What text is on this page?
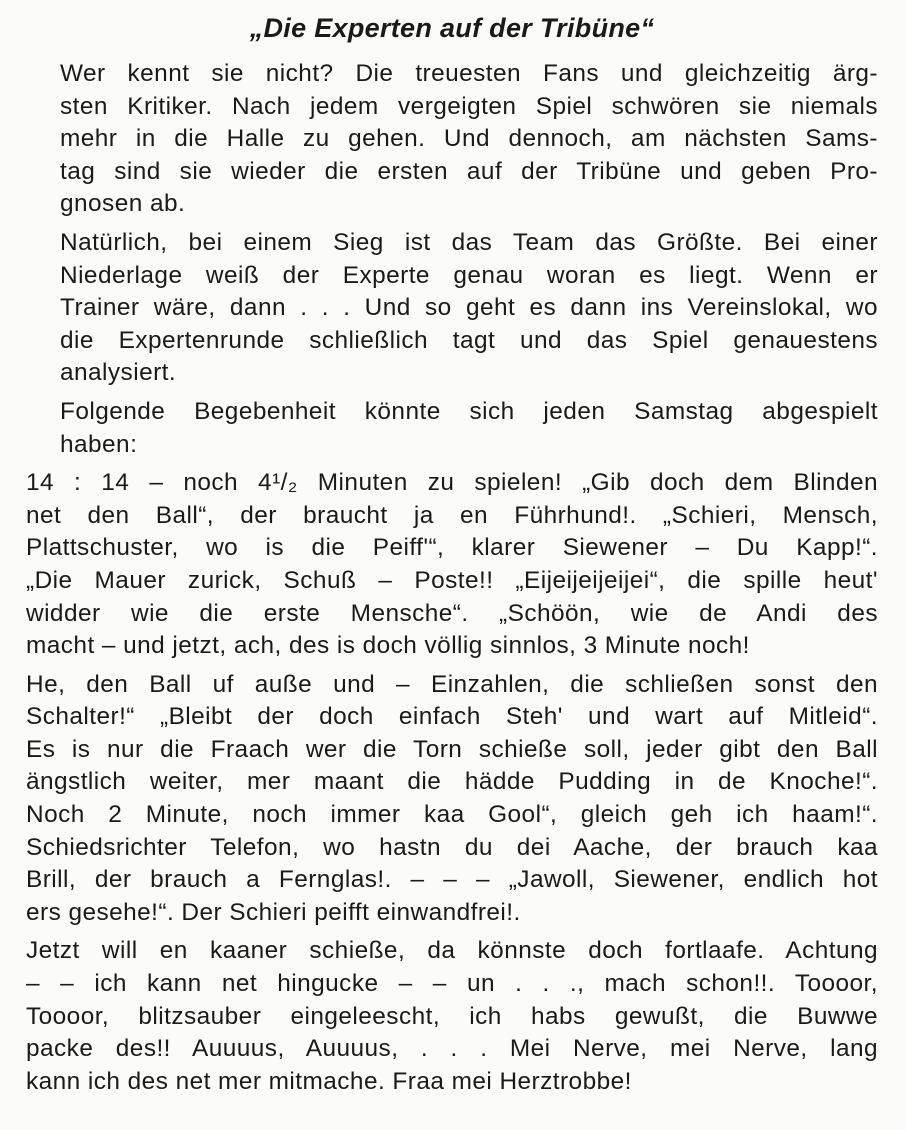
„Die Experten auf der Tribüne“

Wer kennt sie nicht? Die treuesten Fans und gleichzeitig ärg-
sten Kritiker. Nach jedem vergeigten Spiel schwören sie niemals
mehr in die Halle zu gehen. Und dennoch, am nächsten Sams-
tag sind sie wieder die ersten auf der Tribüne und geben Pro-
gnosen ab.

Natürlich, bei einem Sieg ist das Team das Größte. Bei einer
Niederlage weiß der Experte genau woran es liegt. Wenn er
Trainer wäre, dann . . . Und so geht es dann ins Vereinslokal, wo
die Expertenrunde schließlich tagt und das Spiel genauestens
analysiert.

Folgende Begebenheit könnte sich jeden Samstag abgespielt
haben:

14 : 14 – noch 4¹/₂ Minuten zu spielen! „Gib doch dem Blinden
net den Ball“, der braucht ja en Führhund!. „Schieri, Mensch,
Plattschuster, wo is die Peiff'“, klarer Siewener – Du Kapp!“.
„Die Mauer zurick, Schuß – Poste!! „Eijeijeijeijei“, die spille heut'
widder wie die erste Mensche“. „Schöön, wie de Andi des
macht – und jetzt, ach, des is doch völlig sinnlos, 3 Minute noch!

He, den Ball uf auße und – Einzahlen, die schließen sonst den
Schalter!“ „Bleibt der doch einfach Steh' und wart auf Mitleid“.
Es is nur die Fraach wer die Torn schieße soll, jeder gibt den Ball
ängstlich weiter, mer maant die hädde Pudding in de Knoche!“.
Noch 2 Minute, noch immer kaa Gool“, gleich geh ich haam!“.
Schiedsrichter Telefon, wo hastn du dei Aache, der brauch kaa
Brill, der brauch a Fernglas!. – – – „Jawoll, Siewener, endlich hot
ers gesehe!“. Der Schieri peifft einwandfrei!.

Jetzt will en kaaner schieße, da könnste doch fortlaafe. Achtung
– – ich kann net hingucke – – un . . ., mach schon!!. Toooor,
Toooor, blitzsauber eingeleescht, ich habs gewußt, die Buwwe
packe des!! Auuuus, Auuuus, . . . Mei Nerve, mei Nerve, lang
kann ich des net mer mitmache. Fraa mei Herztrobbe!
